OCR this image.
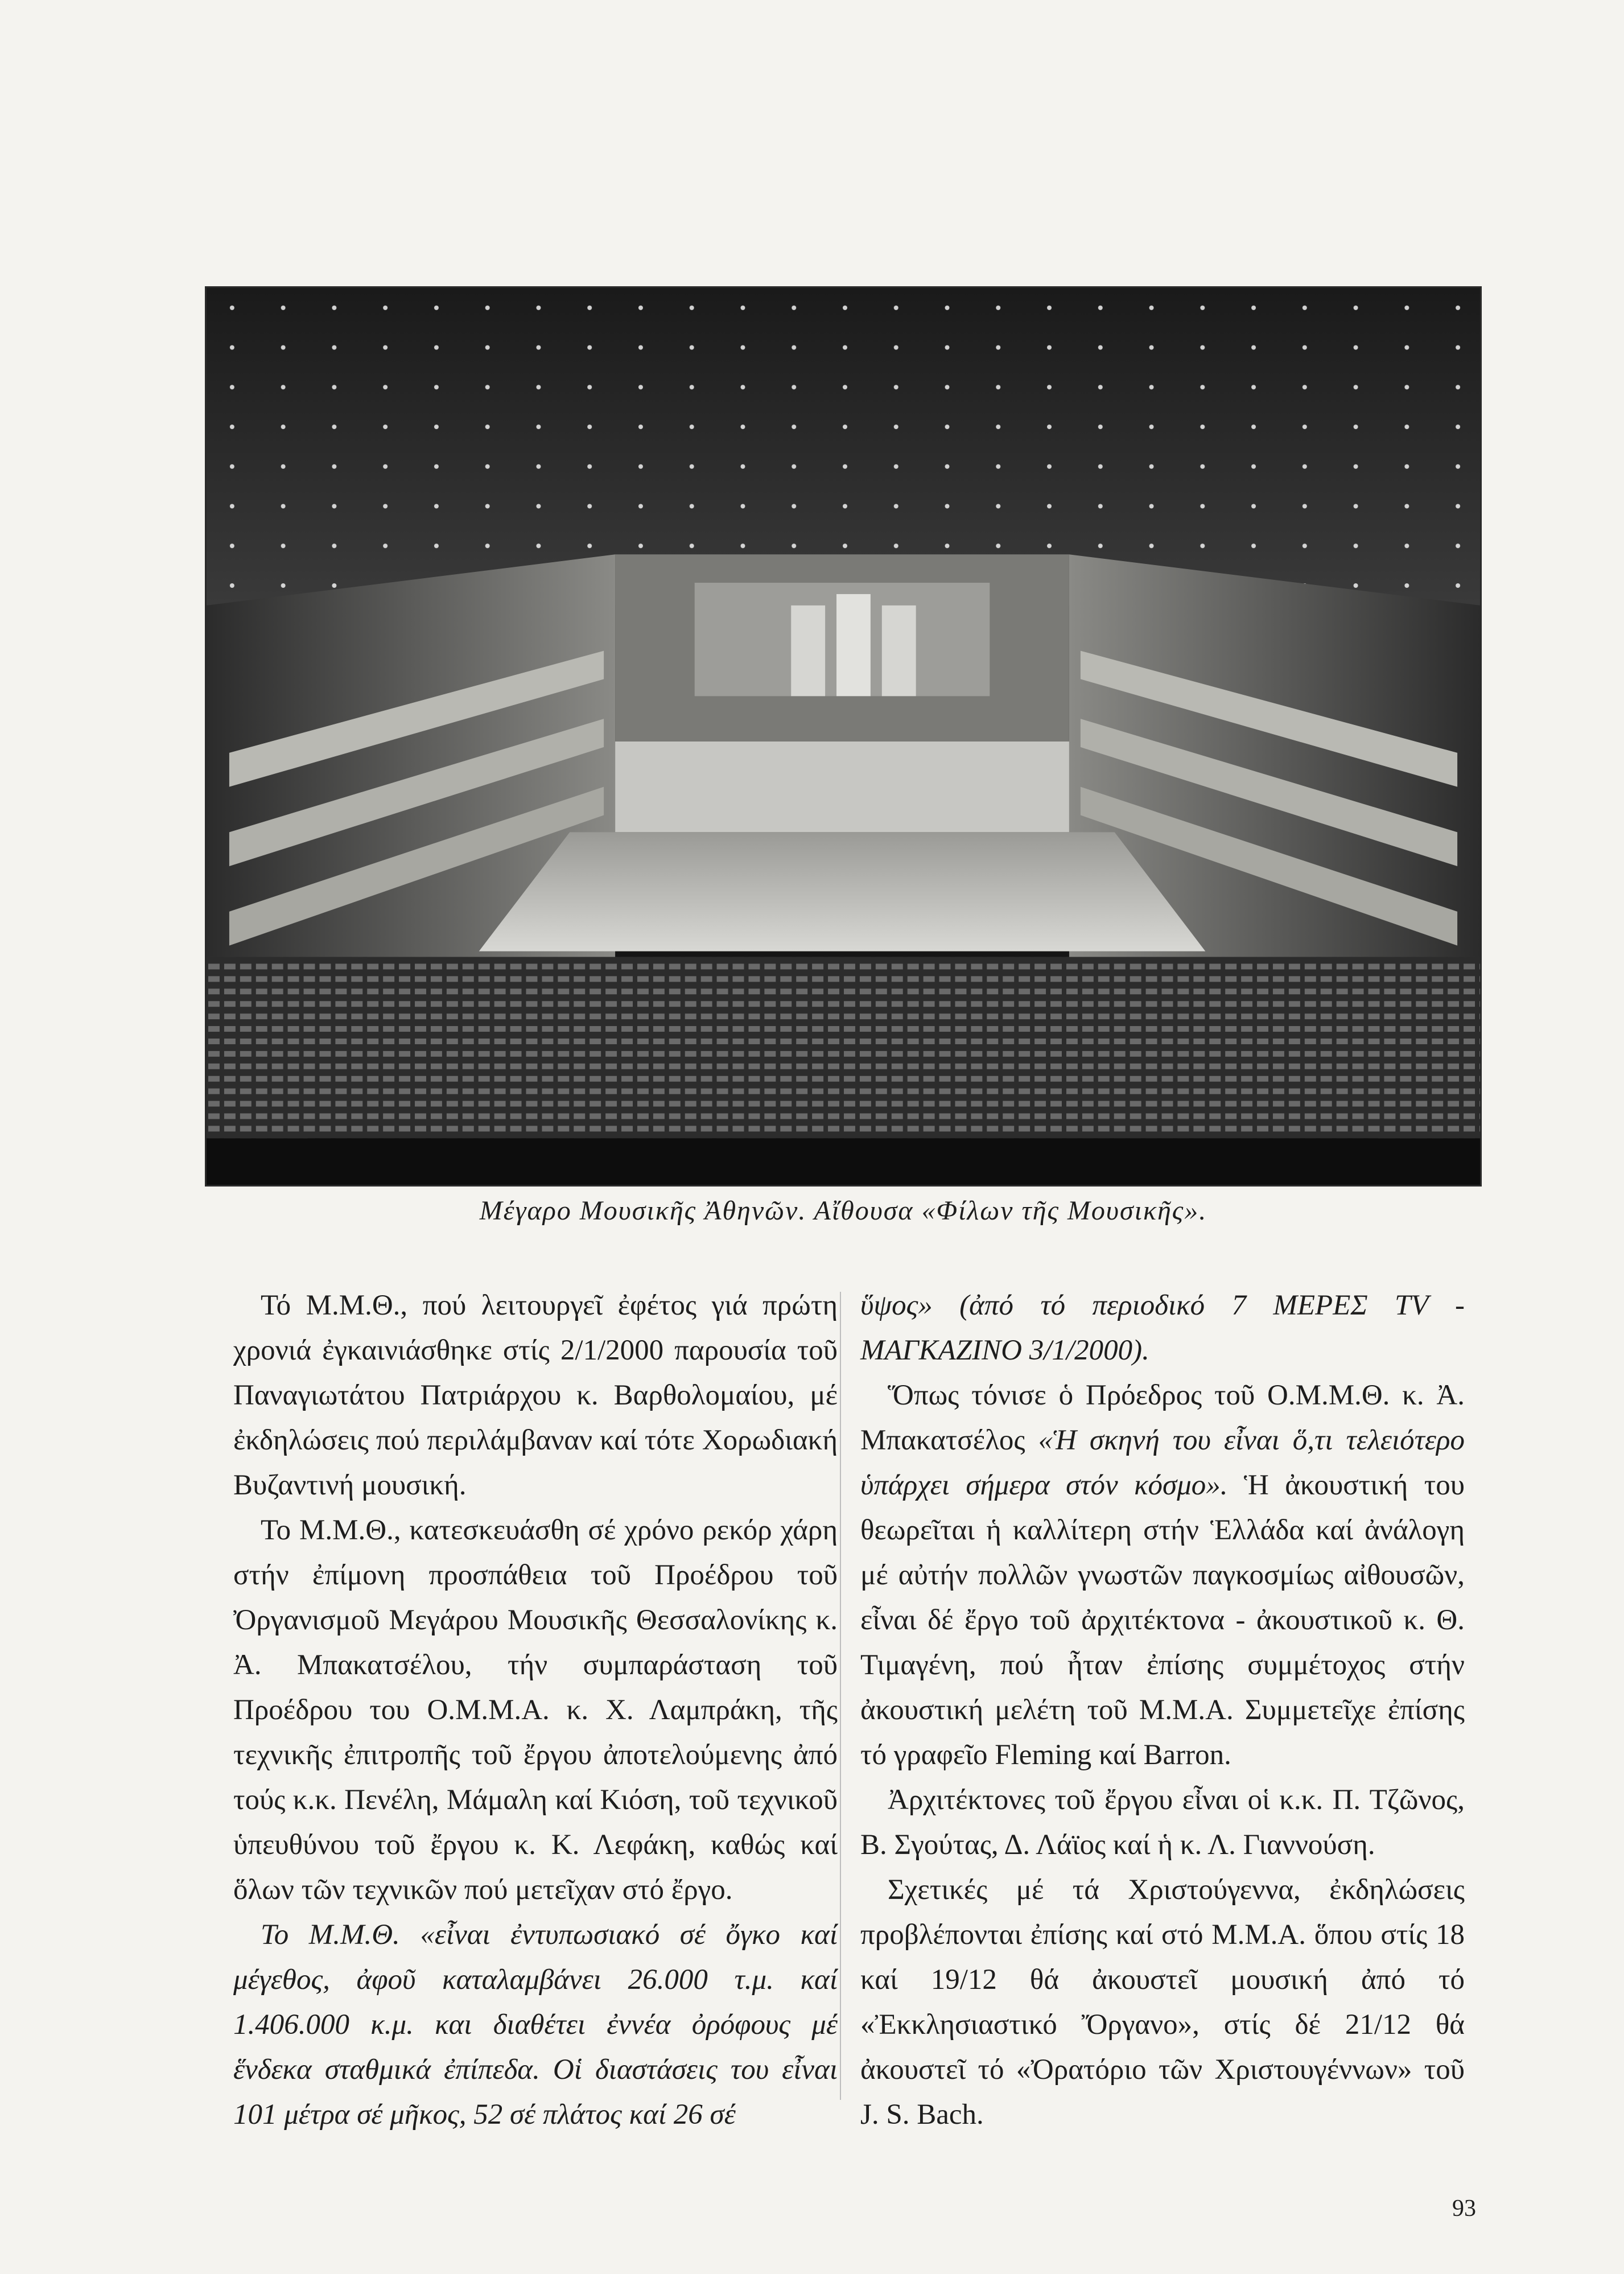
Μέγαρο Μουσικῆς Ἀθηνῶν. Αἴθουσα «Φίλων τῆς Μουσικῆς».

Τό Μ.Μ.Θ., πού λειτουργεῖ ἐφέτος γιά πρώτη χρονιά ἐγκαινιάσθηκε στίς 2/1/2000 παρουσία τοῦ Παναγιωτάτου Πατριάρχου κ. Βαρθολομαίου, μέ ἐκδηλώσεις πού περιλάμβαναν καί τότε Χορωδιακή Βυζαντινή μουσική.

Το Μ.Μ.Θ., κατεσκευάσθη σέ χρόνο ρεκόρ χάρη στήν ἐπίμονη προσπάθεια τοῦ Προέδρου τοῦ Ὀργανισμοῦ Μεγάρου Μουσικῆς Θεσσαλονίκης κ. Ἀ. Μπακατσέλου, τήν συμπαράσταση τοῦ Προέδρου του Ο.Μ.Μ.Α. κ. Χ. Λαμπράκη, τῆς τεχνικῆς ἐπιτροπῆς τοῦ ἔργου ἀποτελούμενης ἀπό τούς κ.κ. Πενέλη, Μάμαλη καί Κιόση, τοῦ τεχνικοῦ ὑπευθύνου τοῦ ἔργου κ. Κ. Λεφάκη, καθώς καί ὅλων τῶν τεχνικῶν πού μετεῖχαν στό ἔργο.

Το Μ.Μ.Θ. «εἶναι ἐντυπωσιακό σέ ὄγκο καί μέγεθος, ἀφοῦ καταλαμβάνει 26.000 τ.μ. καί 1.406.000 κ.μ. και διαθέτει ἐννέα ὀρόφους μέ ἕνδεκα σταθμικά ἐπίπεδα. Οἱ διαστάσεις του εἶναι 101 μέτρα σέ μῆκος, 52 σέ πλάτος καί 26 σέ

ὕψος» (ἀπό τό περιοδικό 7 ΜΕΡΕΣ TV - ΜΑΓΚΑΖΙΝΟ 3/1/2000).

Ὅπως τόνισε ὁ Πρόεδρος τοῦ Ο.Μ.Μ.Θ. κ. Ἀ. Μπακατσέλος «Ἡ σκηνή του εἶναι ὅ,τι τελειότερο ὑπάρχει σήμερα στόν κόσμο». Ἡ ἀκουστική του θεωρεῖται ἡ καλλίτερη στήν Ἑλλάδα καί ἀνάλογη μέ αὐτήν πολλῶν γνωστῶν παγκοσμίως αἰθουσῶν, εἶναι δέ ἔργο τοῦ ἀρχιτέκτονα - ἀκουστικοῦ κ. Θ. Τιμαγένη, πού ἦταν ἐπίσης συμμέτοχος στήν ἀκουστική μελέτη τοῦ Μ.Μ.Α. Συμμετεῖχε ἐπίσης τό γραφεῖο Fleming καί Barron.

Ἀρχιτέκτονες τοῦ ἔργου εἶναι οἱ κ.κ. Π. Τζῶνος, Β. Σγούτας, Δ. Λάϊος καί ἡ κ. Λ. Γιαννούση.

Σχετικές μέ τά Χριστούγεννα, ἐκδηλώσεις προβλέπονται ἐπίσης καί στό Μ.Μ.Α. ὅπου στίς 18 καί 19/12 θά ἀκουστεῖ μουσική ἀπό τό «Ἐκκλησιαστικό Ὄργανο», στίς δέ 21/12 θά ἀκουστεῖ τό «Ὀρατόριο τῶν Χριστουγέννων» τοῦ J. S. Bach.

93
